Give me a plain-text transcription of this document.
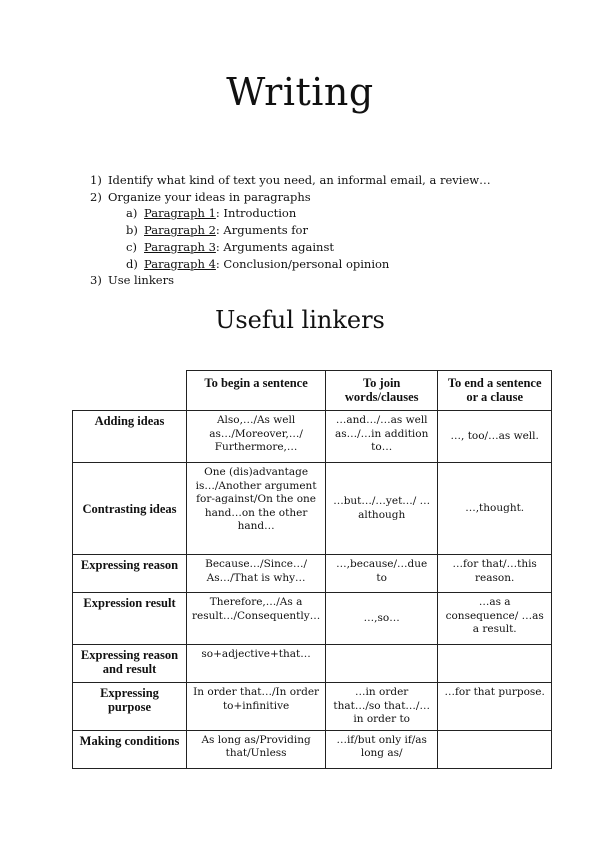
Writing
1) Identify what kind of text you need, an informal email, a review…
2) Organize your ideas in paragraphs
a) Paragraph 1: Introduction
b) Paragraph 2: Arguments for
c) Paragraph 3: Arguments against
d) Paragraph 4: Conclusion/personal opinion
3) Use linkers
Useful linkers
	To begin a sentence	To join words/clauses	To end a sentence or a clause
Adding ideas	Also,…/As well as…/Moreover,…/ Furthermore,…	…and…/…as well as…/…in addition to…	…, too/…as well.
Contrasting ideas	One (dis)advantage is…/Another argument for-against/On the one hand…on the other hand…	…but…/…yet…/ …although	…,thought.
Expressing reason	Because…/Since…/ As…/That is why…	…,because/…due to	…for that/…this reason.
Expression result	Therefore,…/As a result…/Consequently…	…,so…	…as a consequence/ …as a result.
Expressing reason and result	so+adjective+that…		
Expressing purpose	In order that…/In order to+infinitive	…in order that…/so that…/…in order to	…for that purpose.
Making conditions	As long as/Providing that/Unless	…if/but only if/as long as/	
